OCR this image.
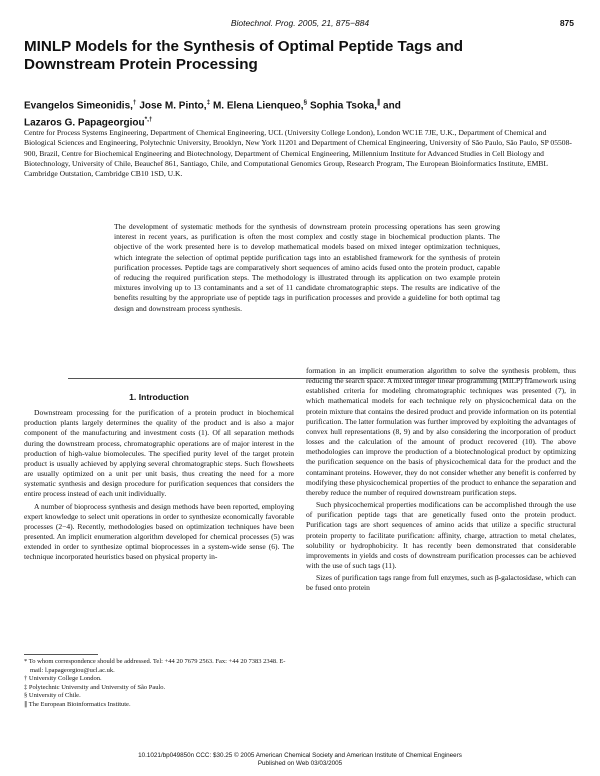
Biotechnol. Prog. 2005, 21, 875−884	875
MINLP Models for the Synthesis of Optimal Peptide Tags and
Downstream Protein Processing
Evangelos Simeonidis,† Jose M. Pinto,‡ M. Elena Lienqueo,§ Sophia Tsoka,∥ and
Lazaros G. Papageorgiou*,†

Centre for Process Systems Engineering, Department of Chemical Engineering, UCL (University College London), London WC1E 7JE, U.K., Department of Chemical and Biological Sciences and Engineering, Polytechnic University, Brooklyn, New York 11201 and Department of Chemical Engineering, University of São Paulo, São Paulo, SP 05508-900, Brazil, Centre for Biochemical Engineering and Biotechnology, Department of Chemical Engineering, Millennium Institute for Advanced Studies in Cell Biology and Biotechnology, University of Chile, Beauchef 861, Santiago, Chile, and Computational Genomics Group, Research Program, The European Bioinformatics Institute, EMBL Cambridge Outstation, Cambridge CB10 1SD, U.K.

The development of systematic methods for the synthesis of downstream protein processing operations has seen growing interest in recent years, as purification is often the most complex and costly stage in biochemical production plants. The objective of the work presented here is to develop mathematical models based on mixed integer optimization techniques, which integrate the selection of optimal peptide purification tags into an established framework for the synthesis of protein purification processes. Peptide tags are comparatively short sequences of amino acids fused onto the protein product, capable of reducing the required purification steps. The methodology is illustrated through its application on two example protein mixtures involving up to 13 contaminants and a set of 11 candidate chromatographic steps. The results are indicative of the benefits resulting by the appropriate use of peptide tags in purification processes and provide a guideline for both optimal tag design and downstream process synthesis.

1. Introduction

Downstream processing for the purification of a protein product in biochemical production plants largely determines the quality of the product and is also a major component of the manufacturing and investment costs (1). Of all separation methods during the downstream process, chromatographic operations are of major interest in the production of high-value biomolecules. The specified purity level of the target protein product is usually achieved by applying several chromatographic steps. Such flowsheets are usually optimized on a unit per unit basis, thus creating the need for a more systematic synthesis and design procedure for purification sequences that considers the entire process instead of each unit individually.

A number of bioprocess synthesis and design methods have been reported, employing expert knowledge to select unit operations in order to synthesize economically favorable processes (2−4). Recently, methodologies based on optimization techniques have been presented. An implicit enumeration algorithm developed for chemical processes (5) was extended in order to synthesize optimal bioprocesses in a system-wide sense (6). The technique incorporated heuristics based on physical property in-

formation in an implicit enumeration algorithm to solve the synthesis problem, thus reducing the search space. A mixed integer linear programming (MILP) framework using established criteria for modeling chromatographic techniques was presented (7), in which mathematical models for each technique rely on physicochemical data on the protein mixture that contains the desired product and provide information on its potential purification. The latter formulation was further improved by exploiting the advantages of convex hull representations (8, 9) and by also considering the incorporation of product losses and the calculation of the amount of product recovered (10). The above methodologies can improve the production of a biotechnological product by optimizing the purification sequence on the basis of physicochemical data for the product and the contaminant proteins. However, they do not consider whether any benefit is conferred by modifying these physicochemical properties of the product to enhance the separation and thereby reduce the number of required downstream purification steps.

Such physicochemical properties modifications can be accomplished through the use of purification peptide tags that are genetically fused onto the protein product. Purification tags are short sequences of amino acids that utilize a specific structural protein property to facilitate purification: affinity, charge, attraction to metal chelates, solubility or hydrophobicity. It has recently been demonstrated that considerable improvements in yields and costs of downstream purification processes can be achieved with the use of such tags (11).

Sizes of purification tags range from full enzymes, such as β-galactosidase, which can be fused onto protein

* To whom correspondence should be addressed. Tel: +44 20 7679 2563. Fax: +44 20 7383 2348. E-mail: l.papageorgiou@ucl.ac.uk.
† University College London.
‡ Polytechnic University and University of São Paulo.
§ University of Chile.
∥ The European Bioinformatics Institute.
10.1021/bp049850n CCC: $30.25 © 2005 American Chemical Society and American Institute of Chemical Engineers
Published on Web 03/03/2005
